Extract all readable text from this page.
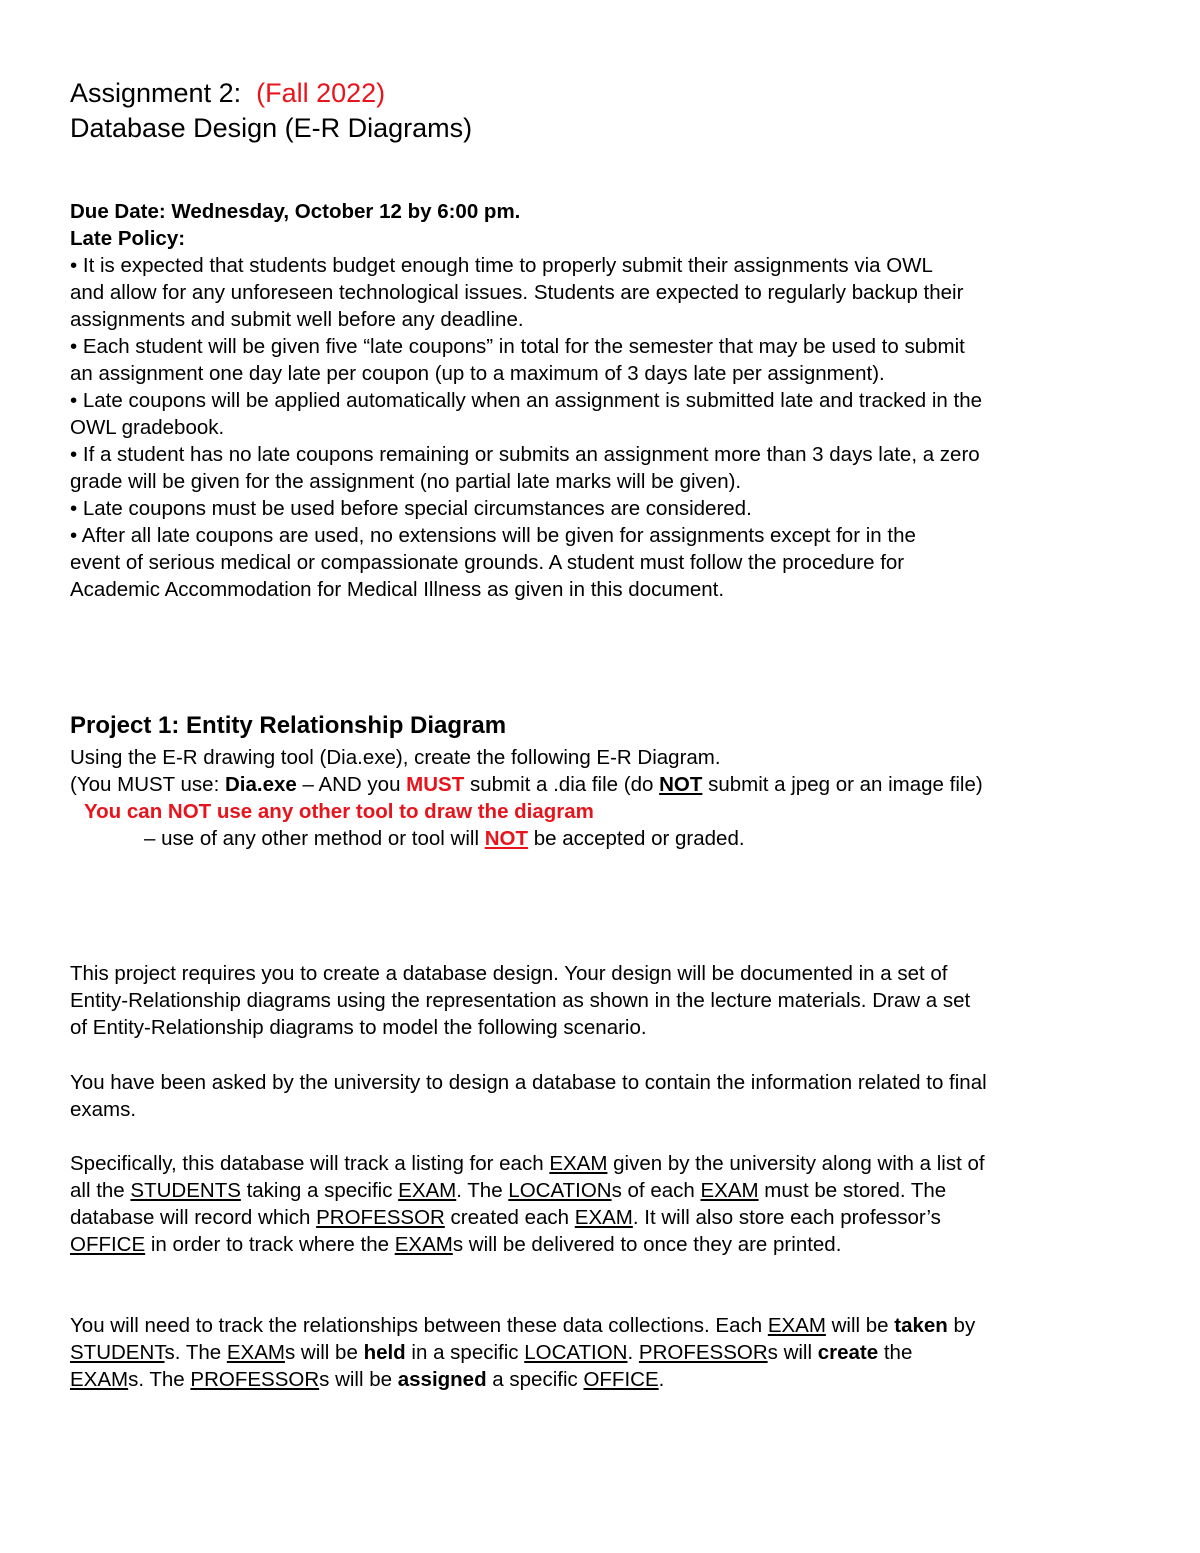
Assignment 2: (Fall 2022)
Database Design (E-R Diagrams)
Due Date: Wednesday, October 12 by 6:00 pm.
Late Policy:
• It is expected that students budget enough time to properly submit their assignments via OWL
and allow for any unforeseen technological issues. Students are expected to regularly backup their
assignments and submit well before any deadline.
• Each student will be given five “late coupons” in total for the semester that may be used to submit
an assignment one day late per coupon (up to a maximum of 3 days late per assignment).
• Late coupons will be applied automatically when an assignment is submitted late and tracked in the
OWL gradebook.
• If a student has no late coupons remaining or submits an assignment more than 3 days late, a zero
grade will be given for the assignment (no partial late marks will be given).
• Late coupons must be used before special circumstances are considered.
• After all late coupons are used, no extensions will be given for assignments except for in the
event of serious medical or compassionate grounds. A student must follow the procedure for
Academic Accommodation for Medical Illness as given in this document.
Project 1: Entity Relationship Diagram
Using the E-R drawing tool (Dia.exe), create the following E-R Diagram.
(You MUST use: Dia.exe – AND you MUST submit a .dia file (do NOT submit a jpeg or an image file)
You can NOT use any other tool to draw the diagram
– use of any other method or tool will NOT be accepted or graded.
This project requires you to create a database design. Your design will be documented in a set of
Entity-Relationship diagrams using the representation as shown in the lecture materials. Draw a set
of Entity-Relationship diagrams to model the following scenario.
You have been asked by the university to design a database to contain the information related to final
exams.
Specifically, this database will track a listing for each EXAM given by the university along with a list of
all the STUDENTS taking a specific EXAM. The LOCATIONs of each EXAM must be stored. The
database will record which PROFESSOR created each EXAM. It will also store each professor’s
OFFICE in order to track where the EXAMs will be delivered to once they are printed.
You will need to track the relationships between these data collections. Each EXAM will be taken by
STUDENTs. The EXAMs will be held in a specific LOCATION. PROFESSORs will create the
EXAMs. The PROFESSORs will be assigned a specific OFFICE.
